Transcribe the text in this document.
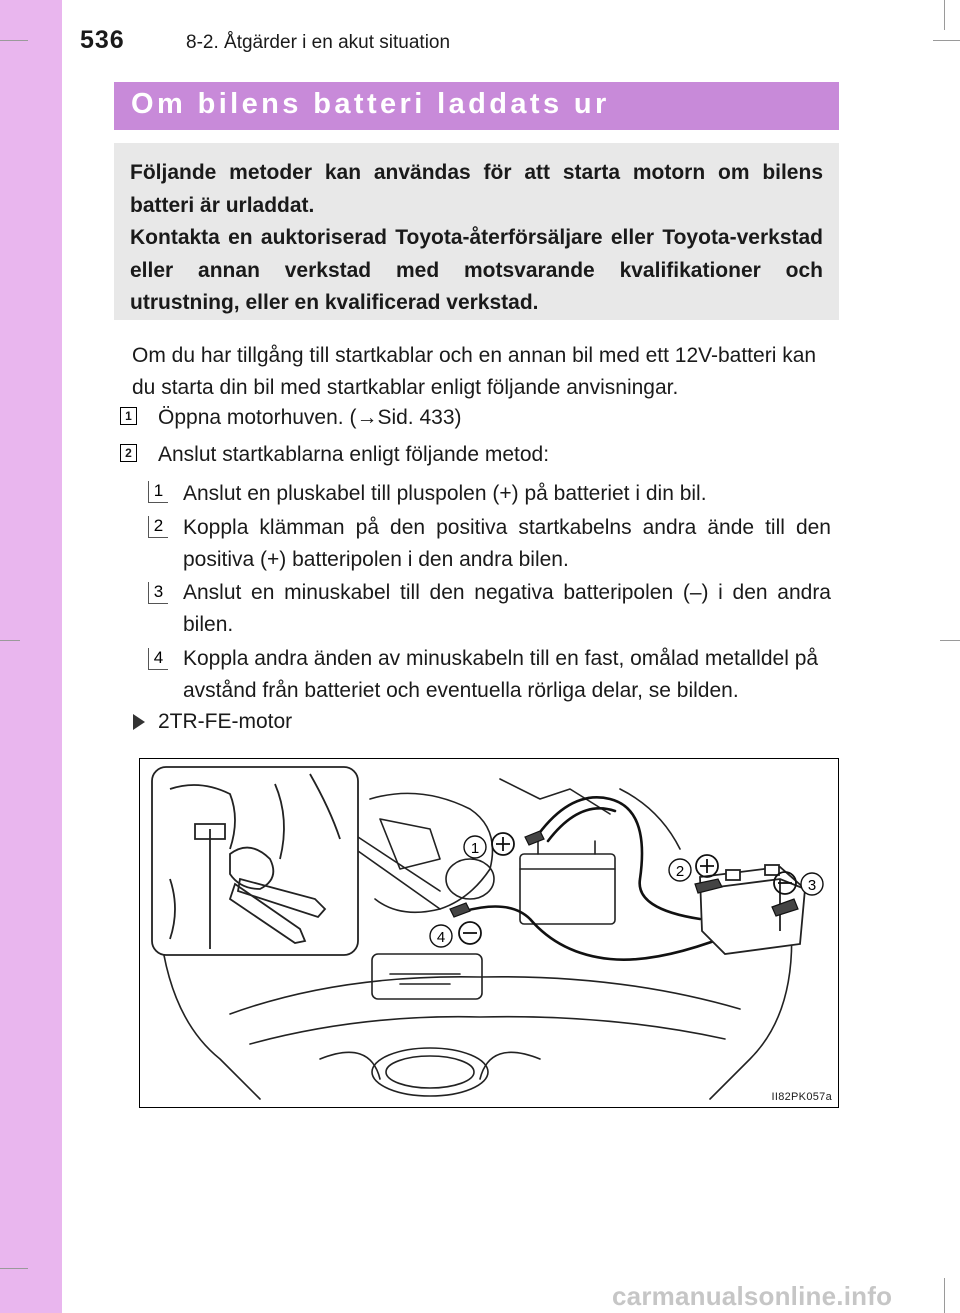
536	8-2. Åtgärder i en akut situation
Om bilens batteri laddats ur

Följande metoder kan användas för att starta motorn om bilens batteri är urladdat.

Kontakta en auktoriserad Toyota-återförsäljare eller Toyota-verkstad eller annan verkstad med motsvarande kvalifikationer och utrustning, eller en kvalificerad verkstad.

Om du har tillgång till startkablar och en annan bil med ett 12V-batteri kan du starta din bil med startkablar enligt följande anvisningar.

1 Öppna motorhuven. (→Sid. 433)
2 Anslut startkablarna enligt följande metod:
1 Anslut en pluskabel till pluspolen (+) på batteriet i din bil.

2 Koppla klämman på den positiva startkabelns andra ände till den positiva (+) batteripolen i den andra bilen.

3 Anslut en minuskabel till den negativa batteripolen (–) i den andra bilen.

4 Koppla andra änden av minuskabeln till en fast, omålad metalldel på avstånd från batteriet och eventuella rörliga delar, se bilden.

2TR-FE-motor
1
2
3
4
II82PK057a
carmanualsonline.info
